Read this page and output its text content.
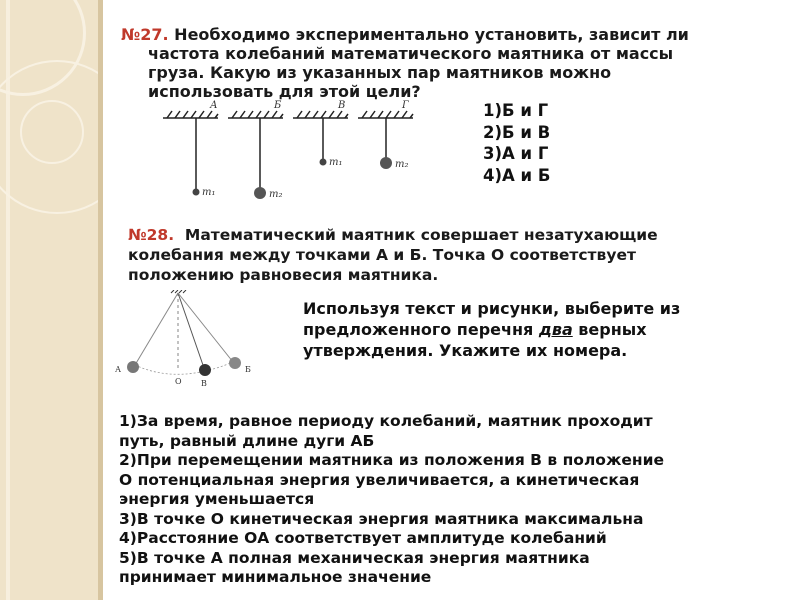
№27. Необходимо экспериментально установить, зависит ли
частота колебаний математического маятника от массы
груза. Какую из указанных пар маятников можно
использовать для этой цели?
А	Б	В	Г
m₁	m₂
m₁	m₂
1)Б и Г
2)Б и В
3)А и Г
4)А и Б
№28. Математический маятник совершает незатухающие
колебания между точками А и Б. Точка О соответствует
положению равновесия маятника.
А
О В
Б
Используя текст и рисунки, выберите из
предложенного перечня два верных
утверждения. Укажите их номера.
1)За время, равное периоду колебаний, маятник проходит
путь, равный длине дуги АБ
2)При перемещении маятника из положения В в положение
О потенциальная энергия увеличивается, а кинетическая
энергия уменьшается
3)В точке О кинетическая энергия маятника максимальна
4)Расстояние ОА соответствует амплитуде колебаний
5)В точке А полная механическая энергия маятника
принимает минимальное значение
